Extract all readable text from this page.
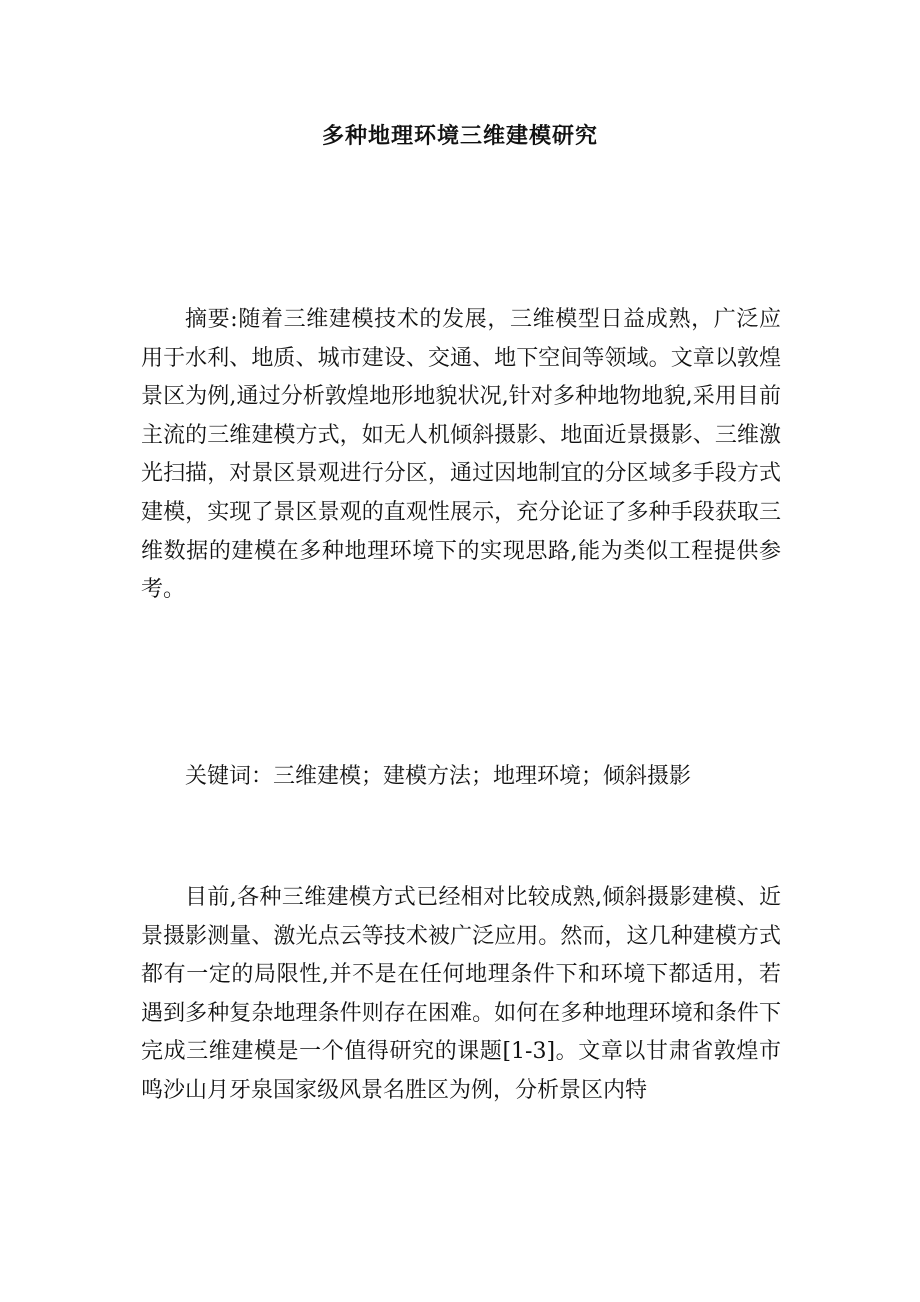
多种地理环境三维建模研究

摘要:随着三维建模技术的发展，三维模型日益成熟，广泛应用于水利、地质、城市建设、交通、地下空间等领域。文章以敦煌景区为例,通过分析敦煌地形地貌状况,针对多种地物地貌,采用目前主流的三维建模方式，如无人机倾斜摄影、地面近景摄影、三维激光扫描，对景区景观进行分区，通过因地制宜的分区域多手段方式建模，实现了景区景观的直观性展示，充分论证了多种手段获取三维数据的建模在多种地理环境下的实现思路,能为类似工程提供参考。

关键词：三维建模；建模方法；地理环境；倾斜摄影

目前,各种三维建模方式已经相对比较成熟,倾斜摄影建模、近景摄影测量、激光点云等技术被广泛应用。然而，这几种建模方式都有一定的局限性,并不是在任何地理条件下和环境下都适用，若遇到多种复杂地理条件则存在困难。如何在多种地理环境和条件下完成三维建模是一个值得研究的课题[1-3]。文章以甘肃省敦煌市鸣沙山月牙泉国家级风景名胜区为例，分析景区内特
